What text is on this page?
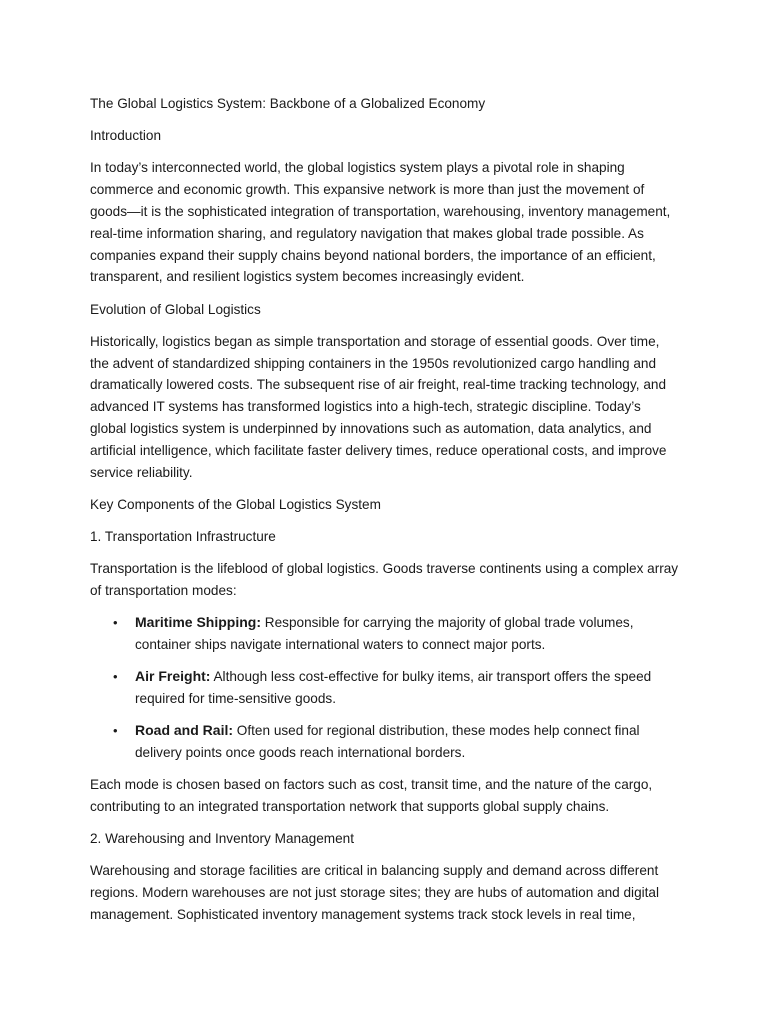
The Global Logistics System: Backbone of a Globalized Economy

Introduction

In today’s interconnected world, the global logistics system plays a pivotal role in shaping commerce and economic growth. This expansive network is more than just the movement of goods—it is the sophisticated integration of transportation, warehousing, inventory management, real-time information sharing, and regulatory navigation that makes global trade possible. As companies expand their supply chains beyond national borders, the importance of an efficient, transparent, and resilient logistics system becomes increasingly evident.

Evolution of Global Logistics

Historically, logistics began as simple transportation and storage of essential goods. Over time, the advent of standardized shipping containers in the 1950s revolutionized cargo handling and dramatically lowered costs. The subsequent rise of air freight, real-time tracking technology, and advanced IT systems has transformed logistics into a high-tech, strategic discipline. Today’s global logistics system is underpinned by innovations such as automation, data analytics, and artificial intelligence, which facilitate faster delivery times, reduce operational costs, and improve service reliability.

Key Components of the Global Logistics System

1. Transportation Infrastructure

Transportation is the lifeblood of global logistics. Goods traverse continents using a complex array of transportation modes:

• Maritime Shipping: Responsible for carrying the majority of global trade volumes, container ships navigate international waters to connect major ports.
• Air Freight: Although less cost-effective for bulky items, air transport offers the speed required for time-sensitive goods.
• Road and Rail: Often used for regional distribution, these modes help connect final delivery points once goods reach international borders.

Each mode is chosen based on factors such as cost, transit time, and the nature of the cargo, contributing to an integrated transportation network that supports global supply chains.

2. Warehousing and Inventory Management

Warehousing and storage facilities are critical in balancing supply and demand across different regions. Modern warehouses are not just storage sites; they are hubs of automation and digital management. Sophisticated inventory management systems track stock levels in real time,
